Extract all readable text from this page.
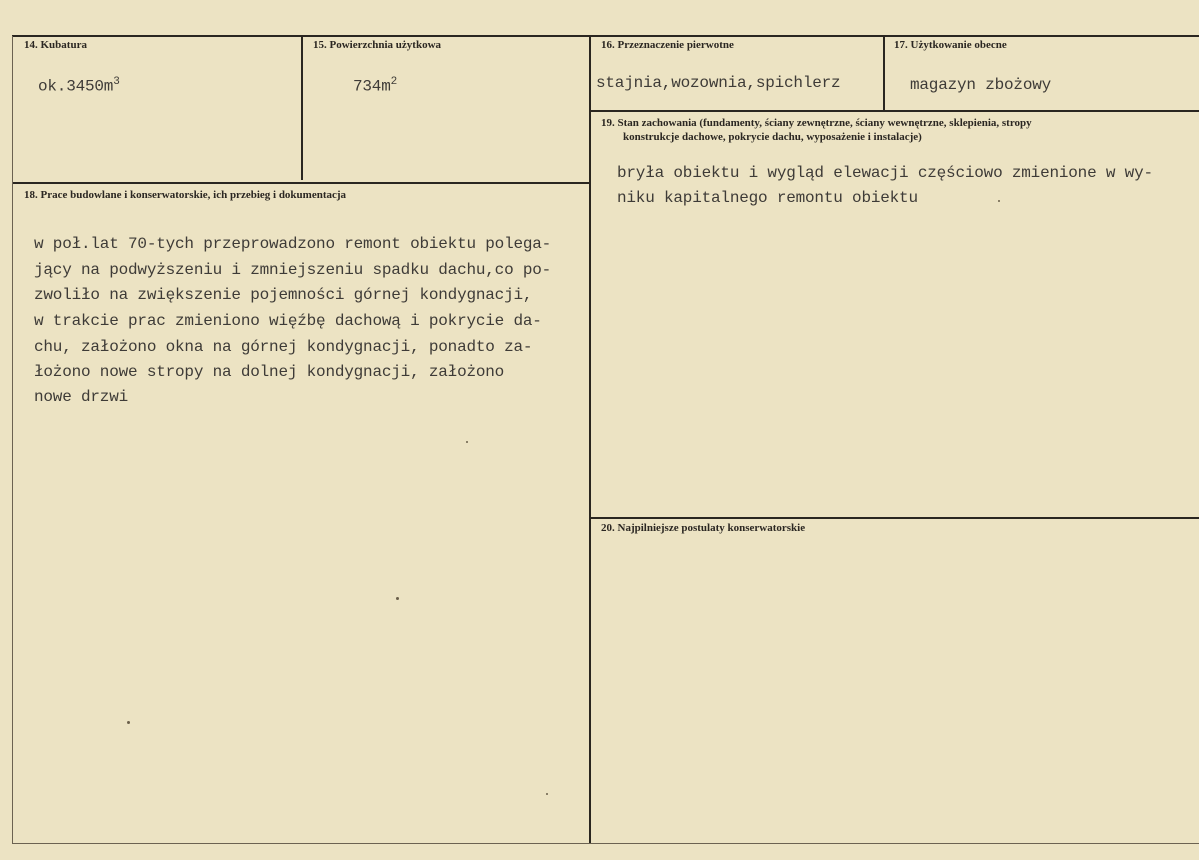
14. Kubatura
$ok.3450m^3$
15. Powierzchnia użytkowa
$734m^2$
16. Przeznaczenie pierwotne
stajnia,wozownia,spichlerz
17. Użytkowanie obecne
magazyn zbożowy
18. Prace budowlane i konserwatorskie, ich przebieg i dokumentacja
w poł.lat 70-tych przeprowadzono remont obiektu polega-
jący na podwyższeniu i zmniejszeniu spadku dachu,co po-
zwoliło na zwiększenie pojemności górnej kondygnacji,
w trakcie prac zmieniono więźbę dachową i pokrycie da-
chu, założono okna na górnej kondygnacji, ponadto za-
łożono nowe stropy na dolnej kondygnacji, założono
nowe drzwi
19. Stan zachowania (fundamenty, ściany zewnętrzne, ściany wewnętrzne, sklepienia, stropy
konstrukcje dachowe, pokrycie dachu, wyposażenie i instalacje)
bryła obiektu i wygląd elewacji częściowo zmienione w wy-
niku kapitalnego remontu obiektu
20. Najpilniejsze postulaty konserwatorskie
